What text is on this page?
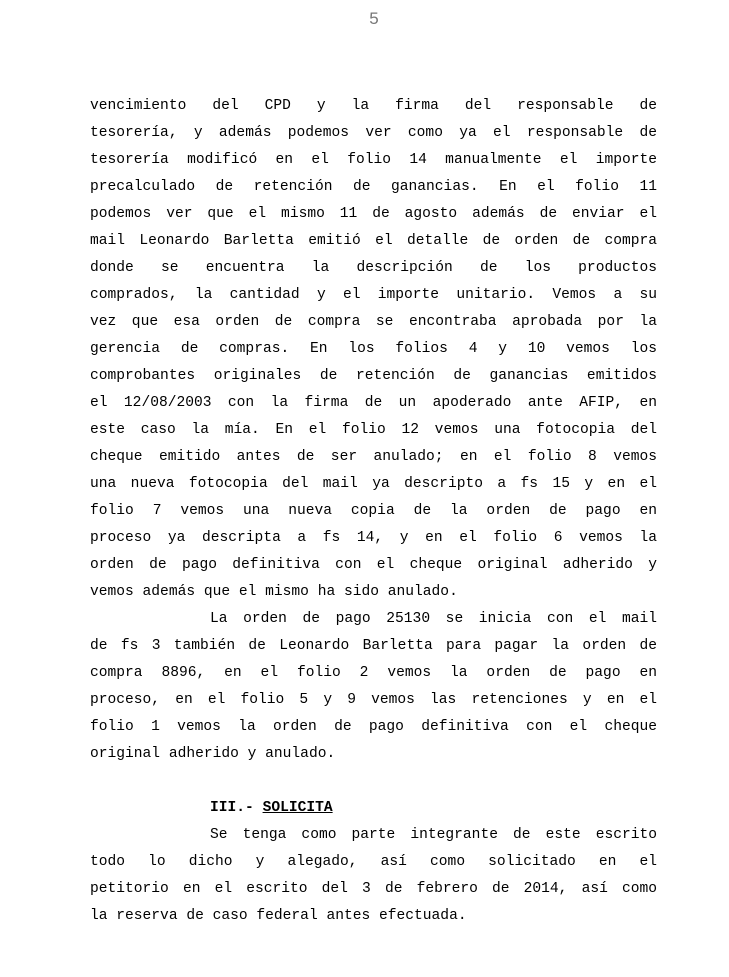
5
vencimiento del CPD y la firma del responsable de
tesorería, y además podemos ver como ya el responsable de
tesorería modificó en el folio 14 manualmente el importe
precalculado de retención de ganancias. En el folio 11
podemos ver que el mismo 11 de agosto además de enviar el
mail Leonardo Barletta emitió el detalle de orden de compra
donde se encuentra la descripción de los productos
comprados, la cantidad y el importe unitario. Vemos a su
vez que esa orden de compra se encontraba aprobada por la
gerencia de compras. En los folios 4 y 10 vemos los
comprobantes originales de retención de ganancias emitidos
el 12/08/2003 con la firma de un apoderado ante AFIP, en
este caso la mía. En el folio 12 vemos una fotocopia del
cheque emitido antes de ser anulado; en el folio 8 vemos
una nueva fotocopia del mail ya descripto a fs 15 y en el
folio 7 vemos una nueva copia de la orden de pago en
proceso ya descripta a fs 14, y en el folio 6 vemos la
orden de pago definitiva con el cheque original adherido y
vemos además que el mismo ha sido anulado.
La orden de pago 25130 se inicia con el mail
de fs 3 también de Leonardo Barletta para pagar la orden de
compra 8896, en el folio 2 vemos la orden de pago en
proceso, en el folio 5 y 9 vemos las retenciones y en el
folio 1 vemos la orden de pago definitiva con el cheque
original adherido y anulado.
III.- SOLICITA
Se tenga como parte integrante de este escrito
todo lo dicho y alegado, así como solicitado en el
petitorio en el escrito del 3 de febrero de 2014, así como
la reserva de caso federal antes efectuada.
